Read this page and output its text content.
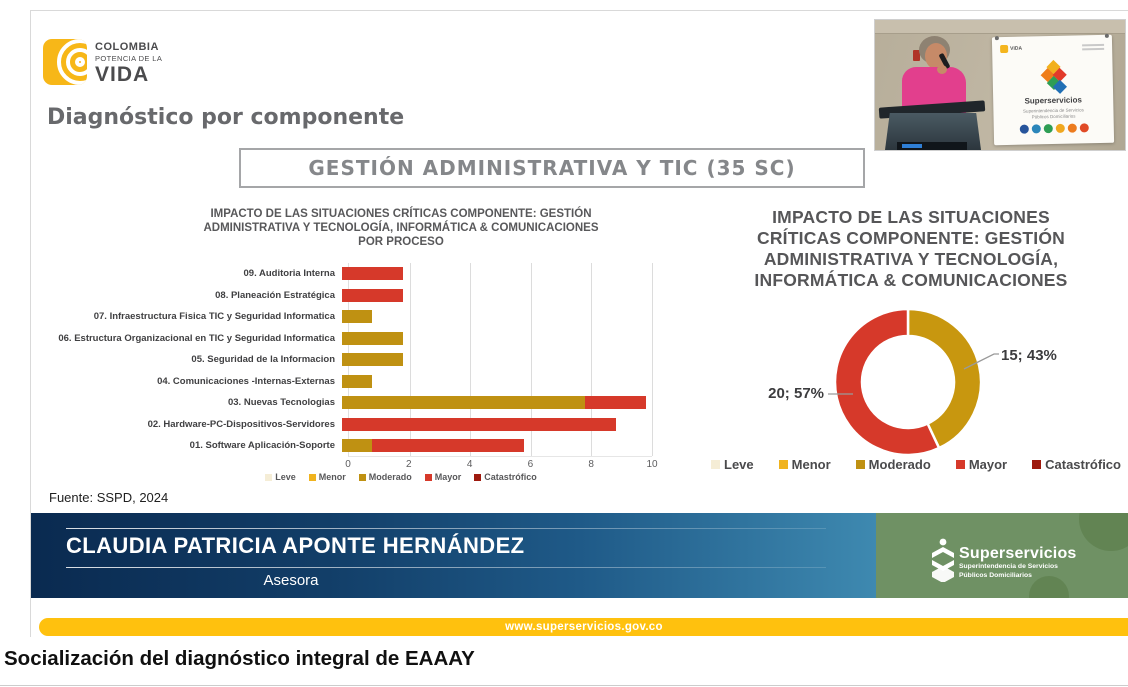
COLOMBIA
POTENCIA DE LA
VIDA
Diagnóstico por componente
GESTIÓN ADMINISTRATIVA Y TIC (35 SC)
IMPACTO DE LAS SITUACIONES CRÍTICAS COMPONENTE: GESTIÓN
ADMINISTRATIVA Y TECNOLOGÍA, INFORMÁTICA & COMUNICACIONES
POR PROCESO
09. Auditoria Interna
08. Planeación Estratégica
07. Infraestructura Fisica TIC y Seguridad Informatica
06. Estructura Organizacional en TIC y Seguridad Informatica
05. Seguridad de la Informacion
04. Comunicaciones -Internas-Externas
03. Nuevas Tecnologias
02. Hardware-PC-Dispositivos-Servidores
01. Software Aplicación-Soporte
0	2	4	6	8	10
Leve	Menor	Moderado	Mayor	Catastrófico
IMPACTO DE LAS SITUACIONES
CRÍTICAS COMPONENTE: GESTIÓN
ADMINISTRATIVA Y TECNOLOGÍA,
INFORMÁTICA & COMUNICACIONES
15; 43%
20; 57%
Leve	Menor	Moderado	Mayor	Catastrófico
Fuente: SSPD, 2024
CLAUDIA PATRICIA APONTE HERNÁNDEZ
Asesora
Superservicios
Superintendencia de Servicios
Públicos Domiciliarios
www.superservicios.gov.co
VIDA
Superservicios
Superintendencia de Servicios
Públicos Domiciliarios
Socialización del diagnóstico integral de EAAAY
